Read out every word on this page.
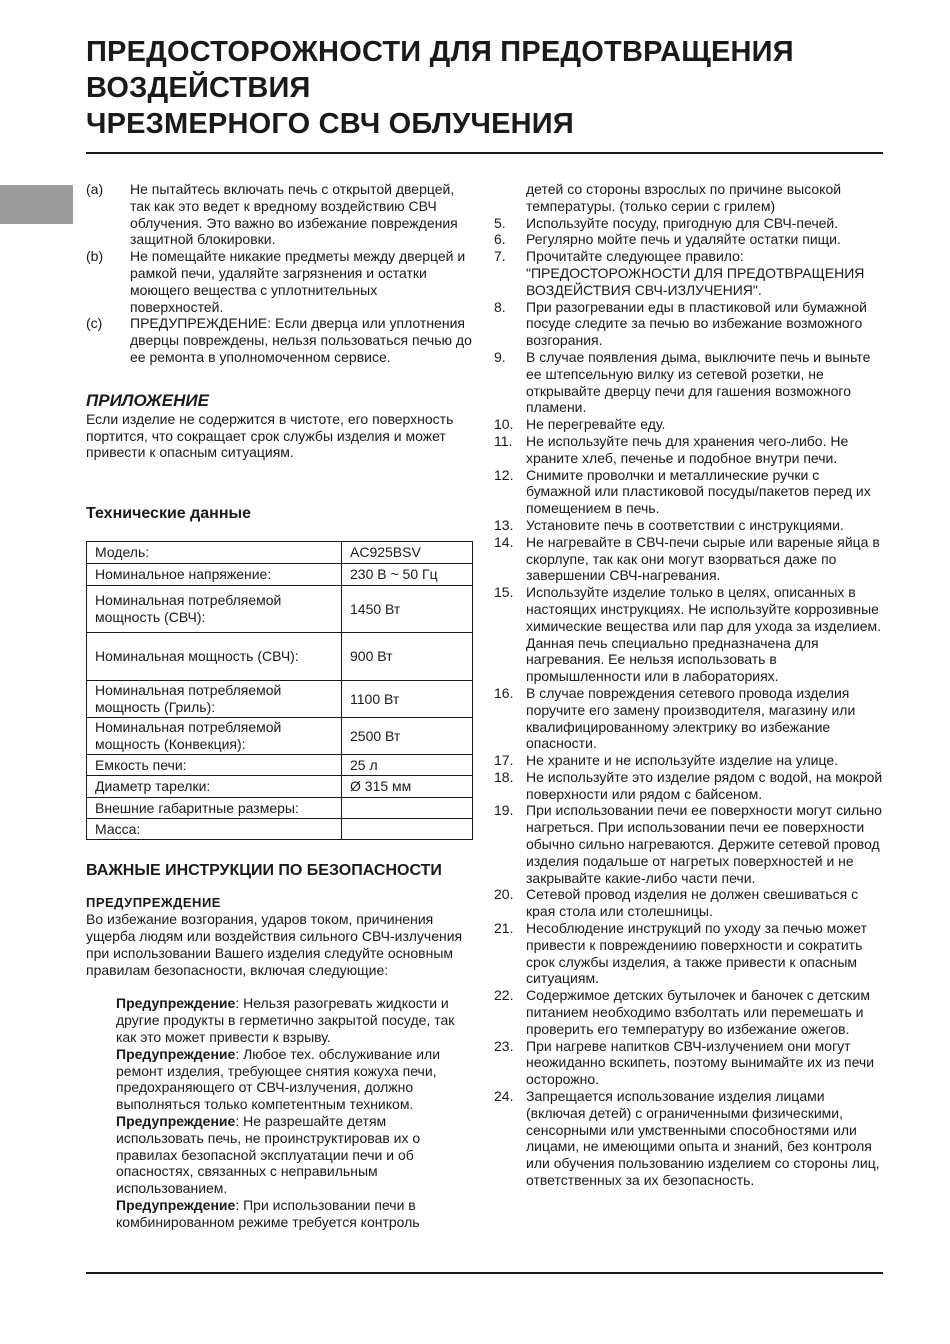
ПРЕДОСТОРОЖНОСТИ ДЛЯ ПРЕДОТВРАЩЕНИЯ
ВОЗДЕЙСТВИЯ
ЧРЕЗМЕРНОГО СВЧ ОБЛУЧЕНИЯ
(a)	Не пытайтесь включать печь с открытой дверцей, так как это ведет к вредному воздействию СВЧ облучения. Это важно во избежание повреждения защитной блокировки.
(b)	Не помещайте никакие предметы между дверцей и рамкой печи, удаляйте загрязнения и остатки моющего вещества с уплотнительных поверхностей.
(c)	ПРЕДУПРЕЖДЕНИЕ: Если дверца или уплотнения дверцы повреждены, нельзя пользоваться печью до ее ремонта в уполномоченном сервисе.
ПРИЛОЖЕНИЕ

Если изделие не содержится в чистоте, его поверхность портится, что сокращает срок службы изделия и может привести к опасным ситуациям.

Технические данные
Модель:	AC925BSV
Номинальное напряжение:	230 В ~ 50 Гц
Номинальная потребляемой мощность (СВЧ):	1450 Вт
Номинальная мощность (СВЧ):	900 Вт
Номинальная потребляемой мощность (Гриль):	1100 Вт
Номинальная потребляемой мощность (Конвекция):	2500 Вт
Емкость печи:	25 л
Диаметр тарелки:	Ø 315 мм
Внешние габаритные размеры:	
Масса:	
ВАЖНЫЕ ИНСТРУКЦИИ ПО БЕЗОПАСНОСТИ
ПРЕДУПРЕЖДЕНИЕ

Во избежание возгорания, ударов током, причинения ущерба людям или воздействия сильного СВЧ-излучения при использовании Вашего изделия следуйте основным правилам безопасности, включая следующие:

Предупреждение: Нельзя разогревать жидкости и другие продукты в герметично закрытой посуде, так как это может привести к взрыву.
Предупреждение: Любое тех. обслуживание или ремонт изделия, требующее снятия кожуха печи, предохраняющего от СВЧ-излучения, должно выполняться только компетентным техником.
Предупреждение: Не разрешайте детям использовать печь, не проинструктировав их о правилах безопасной эксплуатации печи и об опасностях, связанных с неправильным использованием.
Предупреждение: При использовании печи в комбинированном режиме требуется контроль
детей со стороны взрослых по причине высокой температуры. (только серии с грилем)
5.	Используйте посуду, пригодную для СВЧ-печей.
6.	Регулярно мойте печь и удаляйте остатки пищи.
7.	Прочитайте следующее правило: "ПРЕДОСТОРОЖНОСТИ ДЛЯ ПРЕДОТВРАЩЕНИЯ ВОЗДЕЙСТВИЯ СВЧ-ИЗЛУЧЕНИЯ".
8.	При разогревании еды в пластиковой или бумажной посуде следите за печью во избежание возможного возгорания.
9.	В случае появления дыма, выключите печь и выньте ее штепсельную вилку из сетевой розетки, не открывайте дверцу печи для гашения возможного пламени.
10. Не перегревайте еду.
11. Не используйте печь для хранения чего-либо. Не храните хлеб, печенье и подобное внутри печи.
12. Снимите проволчки и металлические ручки с бумажной или пластиковой посуды/пакетов перед их помещением в печь.
13. Установите печь в соответствии с инструкциями.
14. Не нагревайте в СВЧ-печи сырые или вареные яйца в скорлупе, так как они могут взорваться даже по завершении СВЧ-нагревания.
15. Используйте изделие только в целях, описанных в настоящих инструкциях. Не используйте коррозивные химические вещества или пар для ухода за изделием. Данная печь специально предназначена для нагревания. Ее нельзя использовать в промышленности или в лабораториях.
16. В случае повреждения сетевого провода изделия поручите его замену производителя, магазину или квалифицированному электрику во избежание опасности.
17. Не храните и не используйте изделие на улице.
18. Не используйте это изделие рядом с водой, на мокрой поверхности или рядом с байсеном.
19. При использовании печи ее поверхности могут сильно нагреться. При использовании печи ее поверхности обычно сильно нагреваются. Держите сетевой провод изделия подальше от нагретых поверхностей и не закрывайте какие-либо части печи.
20. Сетевой провод изделия не должен свешиваться с края стола или столешницы.
21. Несоблюдение инструкций по уходу за печью может привести к повреждениию поверхности и сократить срок службы изделия, а также привести к опасным ситуациям.
22. Содержимое детских бутылочек и баночек с детским питанием необходимо взболтать или перемешать и проверить его температуру во избежание ожегов.
23. При нагреве напитков СВЧ-излучением они могут неожиданно вскипеть, поэтому вынимайте их из печи осторожно.
24. Запрещается использование изделия лицами (включая детей) с ограниченными физическими, сенсорными или умственными способностями или лицами, не имеющими опыта и знаний, без контроля или обучения пользованию изделием со стороны лиц, ответственных за их безопасность.
